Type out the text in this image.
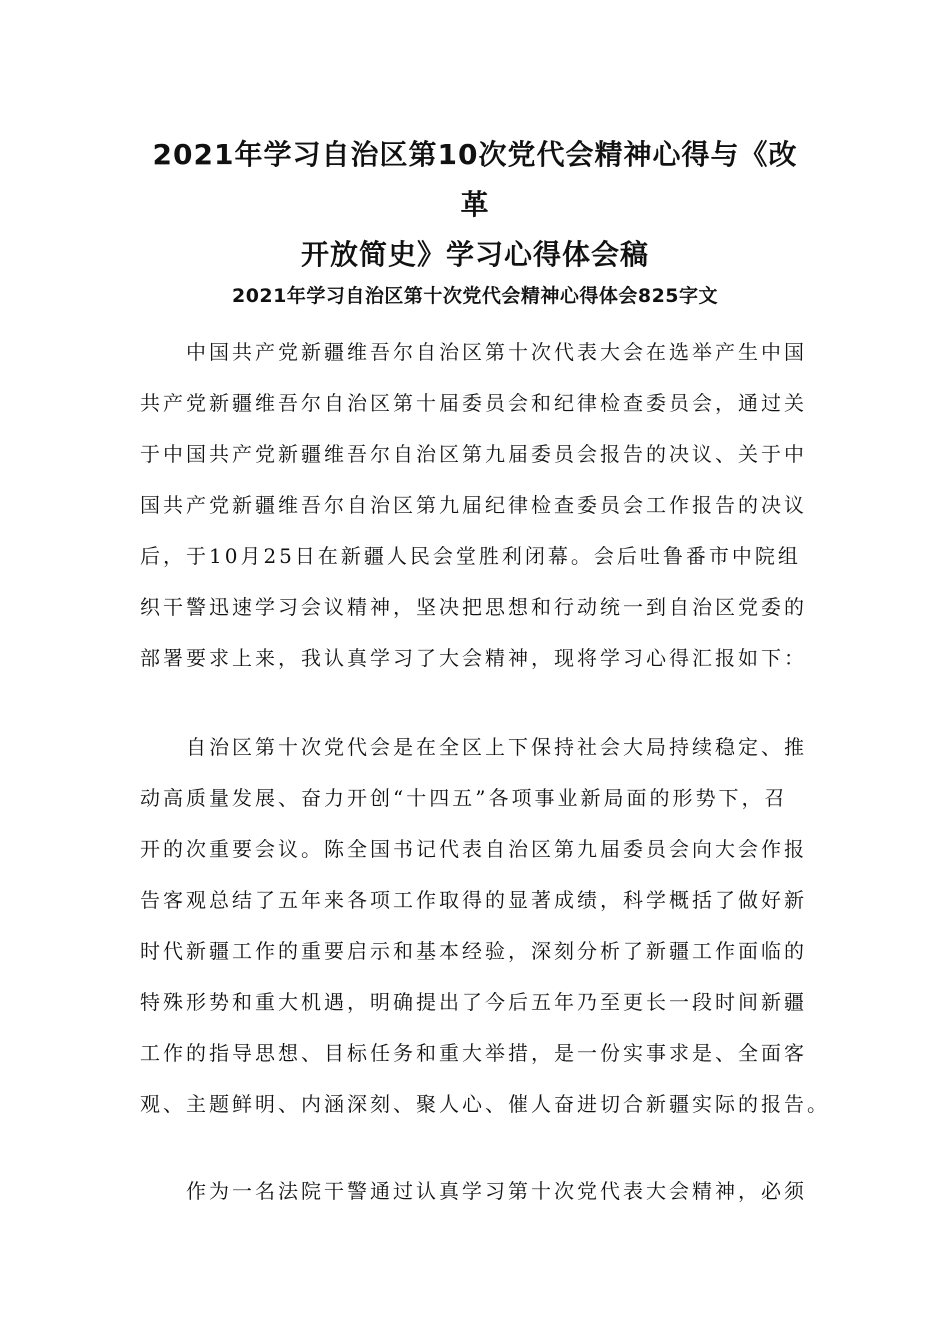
2021年学习自治区第10次党代会精神心得与《改革
开放简史》学习心得体会稿
2021年学习自治区第十次党代会精神心得体会825字文
中国共产党新疆维吾尔自治区第十次代表大会在选举产生中国
共产党新疆维吾尔自治区第十届委员会和纪律检查委员会，通过关
于中国共产党新疆维吾尔自治区第九届委员会报告的决议、关于中
国共产党新疆维吾尔自治区第九届纪律检查委员会工作报告的决议
后，于10月25日在新疆人民会堂胜利闭幕。会后吐鲁番市中院组
织干警迅速学习会议精神，坚决把思想和行动统一到自治区党委的
部署要求上来，我认真学习了大会精神，现将学习心得汇报如下：
自治区第十次党代会是在全区上下保持社会大局持续稳定、推
动高质量发展、奋力开创“十四五”各项事业新局面的形势下，召
开的次重要会议。陈全国书记代表自治区第九届委员会向大会作报
告客观总结了五年来各项工作取得的显著成绩，科学概括了做好新
时代新疆工作的重要启示和基本经验，深刻分析了新疆工作面临的
特殊形势和重大机遇，明确提出了今后五年乃至更长一段时间新疆
工作的指导思想、目标任务和重大举措，是一份实事求是、全面客
观、主题鲜明、内涵深刻、聚人心、催人奋进切合新疆实际的报告。
作为一名法院干警通过认真学习第十次党代表大会精神，必须
